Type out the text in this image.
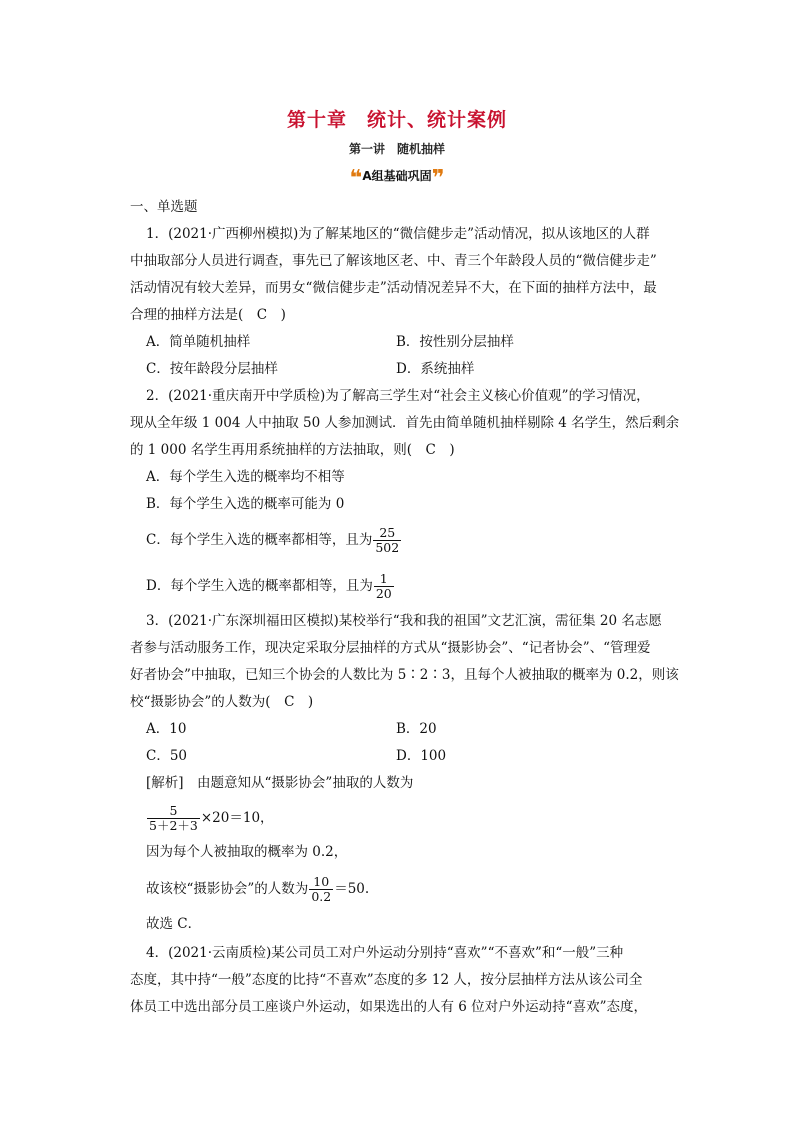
第十章　统计、统计案例
第一讲　随机抽样
❝A组基础巩固❞
一、单选题
1．(2021·广西柳州模拟)为了解某地区的“微信健步走”活动情况，拟从该地区的人群
中抽取部分人员进行调查，事先已了解该地区老、中、青三个年龄段人员的“微信健步走”
活动情况有较大差异，而男女“微信健步走”活动情况差异不大，在下面的抽样方法中，最
合理的抽样方法是(　C　)
A．简单随机抽样	B．按性别分层抽样
C．按年龄段分层抽样	D．系统抽样
2．(2021·重庆南开中学质检)为了解高三学生对“社会主义核心价值观”的学习情况，
现从全年级 1 004 人中抽取 50 人参加测试．首先由简单随机抽样剔除 4 名学生，然后剩余
的 1 000 名学生再用系统抽样的方法抽取，则(　C　)
A．每个学生入选的概率均不相等
B．每个学生入选的概率可能为 0
C．每个学生入选的概率都相等，且为 $\frac{25}{502}$
D．每个学生入选的概率都相等，且为 $\frac{1}{20}$
3．(2021·广东深圳福田区模拟)某校举行“我和我的祖国”文艺汇演，需征集 20 名志愿
者参与活动服务工作，现决定采取分层抽样的方式从“摄影协会”、“记者协会”、“管理爱
好者协会”中抽取，已知三个协会的人数比为 5∶2∶3，且每个人被抽取的概率为 0.2，则该
校“摄影协会”的人数为(　C　)
A．10	B．20
C．50	D．100
[解析]　由题意知从“摄影协会”抽取的人数为
$\frac{5}{5+2+3} \times 20=10$，
因为每个人被抽取的概率为 0.2，
故该校“摄影协会”的人数为 $\frac{10}{0.2} =50$.
故选 C．
4．(2021·云南质检)某公司员工对户外运动分别持“喜欢”“不喜欢”和“一般”三种
态度，其中持“一般”态度的比持“不喜欢”态度的多 12 人，按分层抽样方法从该公司全
体员工中选出部分员工座谈户外运动，如果选出的人有 6 位对户外运动持“喜欢”态度，
